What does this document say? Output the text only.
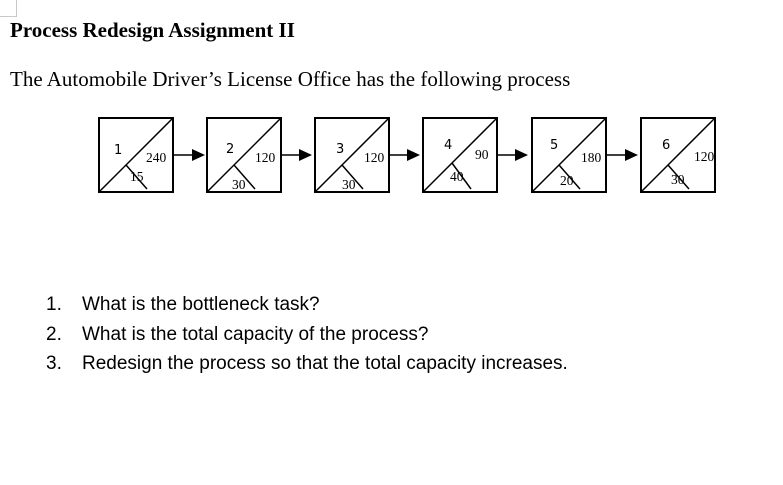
Process Redesign Assignment II
The Automobile Driver’s License Office has the following process
1 240
15
2
120
30
3
120
30
4
90
40
5
180
20
6
120
30
1. What is the bottleneck task?
2. What is the total capacity of the process?
3. Redesign the process so that the total capacity increases.
